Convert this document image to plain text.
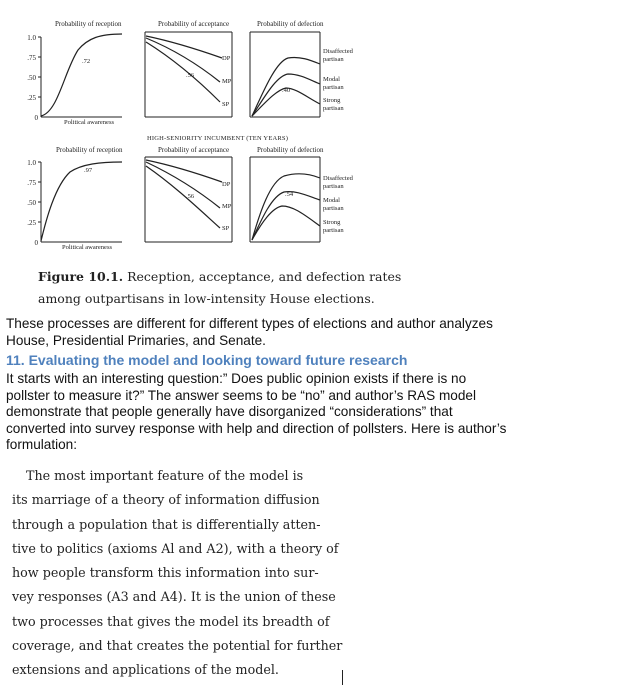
Probability of reception	Probability of acceptance	Probability of defection
1.0
.75
.50
.25
0
.72
.56
.40
DP
MP
SP
Political awareness
Disaffected
partisan
Modal
partisan
Strong
partisan
HIGH-SENIORITY INCUMBENT (TEN YEARS)
Probability of reception	Probability of acceptance	Probability of defection
1.0
.75
.50
.25
0
.97
.56	.54
DP
MP
SP
Political awareness
Disaffected
partisan
Modal
partisan
Strong
partisan
Figure 10.1. Reception, acceptance, and defection rates
among outpartisans in low-intensity House elections.
These processes are different for different types of elections and author analyzes
House, Presidential Primaries, and Senate.
11. Evaluating the model and looking toward future research
It starts with an interesting question:” Does public opinion exists if there is no
pollster to measure it?” The answer seems to be “no” and author’s RAS model
demonstrate that people generally have disorganized “considerations” that
converted into survey response with help and direction of pollsters. Here is author’s
formulation:
The most important feature of the model is
its marriage of a theory of information diffusion
through a population that is differentially atten-
tive to politics (axioms Al and A2), with a theory of
how people transform this information into sur-
vey responses (A3 and A4). It is the union of these
two processes that gives the model its breadth of
coverage, and that creates the potential for further
extensions and applications of the model.
